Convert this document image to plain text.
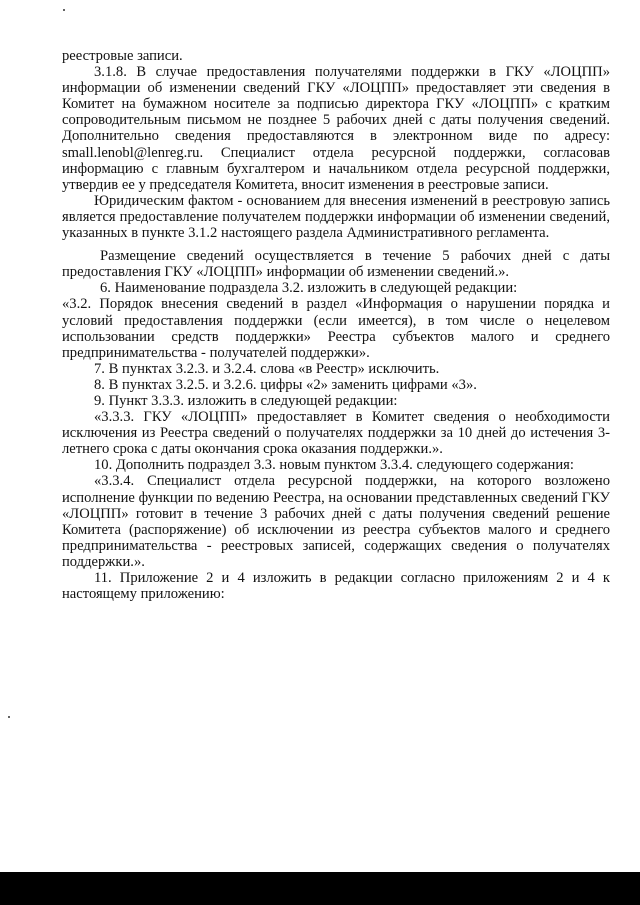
реестровые записи.

3.1.8. В случае предоставления получателями поддержки в ГКУ «ЛОЦПП» информации об изменении сведений ГКУ «ЛОЦПП» предоставляет эти сведения в Комитет на бумажном носителе за подписью директора ГКУ «ЛОЦПП» с кратким сопроводительным письмом не позднее 5 рабочих дней с даты получения сведений. Дополнительно сведения предоставляются в электронном виде по адресу: small.lenobl@lenreg.ru. Специалист отдела ресурсной поддержки, согласовав информацию с главным бухгалтером и начальником отдела ресурсной поддержки, утвердив ее у председателя Комитета, вносит изменения в реестровые записи.

Юридическим фактом - основанием для внесения изменений в реестровую запись является предоставление получателем поддержки информации об изменении сведений, указанных в пункте 3.1.2 настоящего раздела Административного регламента.

Размещение сведений осуществляется в течение 5 рабочих дней с даты предоставления ГКУ «ЛОЦПП» информации об изменении сведений.».

6. Наименование подраздела 3.2. изложить в следующей редакции:

«3.2. Порядок внесения сведений в раздел «Информация о нарушении порядка и условий предоставления поддержки (если имеется), в том числе о нецелевом использовании средств поддержки» Реестра субъектов малого и среднего предпринимательства - получателей поддержки».

7. В пунктах 3.2.3. и 3.2.4. слова «в Реестр» исключить.

8. В пунктах 3.2.5. и 3.2.6. цифры «2» заменить цифрами «3».

9. Пункт 3.3.3. изложить в следующей редакции:

«3.3.3. ГКУ «ЛОЦПП» предоставляет в Комитет сведения о необходимости исключения из Реестра сведений о получателях поддержки за 10 дней до истечения 3-летнего срока с даты окончания срока оказания поддержки.».

10. Дополнить подраздел 3.3. новым пунктом 3.3.4. следующего содержания:

«3.3.4. Специалист отдела ресурсной поддержки, на которого возложено исполнение функции по ведению Реестра, на основании представленных сведений ГКУ «ЛОЦПП» готовит в течение 3 рабочих дней с даты получения сведений решение Комитета (распоряжение) об исключении из реестра субъектов малого и среднего предпринимательства - реестровых записей, содержащих сведения о получателях поддержки.».

11. Приложение 2 и 4 изложить в редакции согласно приложениям 2 и 4 к настоящему приложению:
